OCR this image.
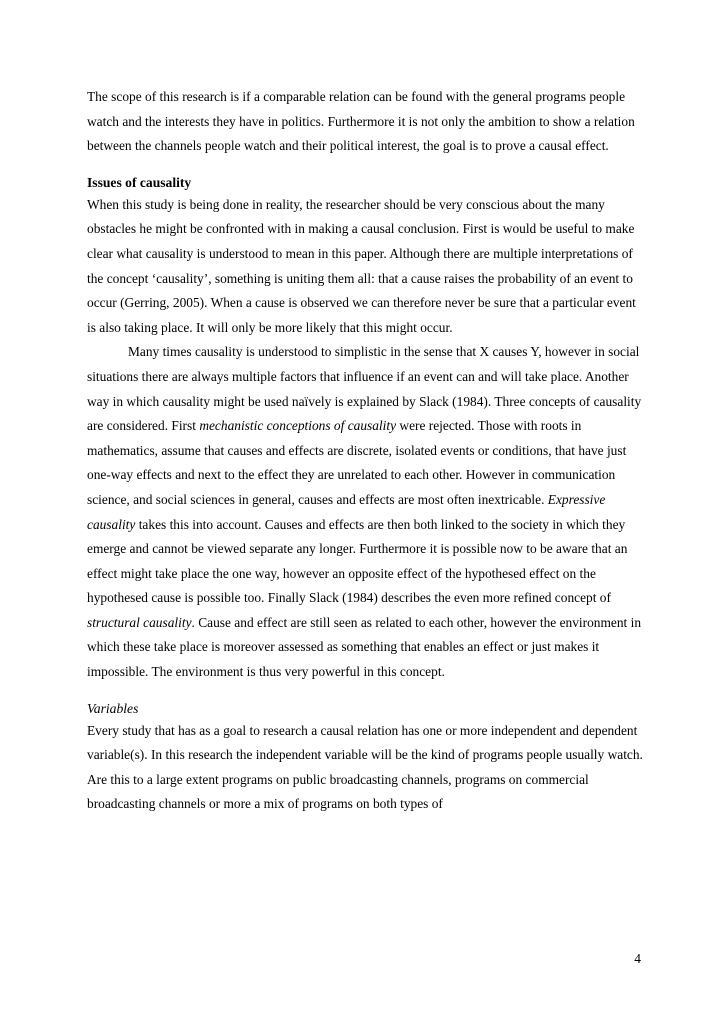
The scope of this research is if a comparable relation can be found with the general programs people watch and the interests they have in politics. Furthermore it is not only the ambition to show a relation between the channels people watch and their political interest, the goal is to prove a causal effect.

Issues of causality

When this study is being done in reality, the researcher should be very conscious about the many obstacles he might be confronted with in making a causal conclusion. First is would be useful to make clear what causality is understood to mean in this paper. Although there are multiple interpretations of the concept ‘causality’, something is uniting them all: that a cause raises the probability of an event to occur (Gerring, 2005). When a cause is observed we can therefore never be sure that a particular event is also taking place. It will only be more likely that this might occur.

Many times causality is understood to simplistic in the sense that X causes Y, however in social situations there are always multiple factors that influence if an event can and will take place. Another way in which causality might be used naïvely is explained by Slack (1984). Three concepts of causality are considered. First mechanistic conceptions of causality were rejected. Those with roots in mathematics, assume that causes and effects are discrete, isolated events or conditions, that have just one-way effects and next to the effect they are unrelated to each other. However in communication science, and social sciences in general, causes and effects are most often inextricable. Expressive causality takes this into account. Causes and effects are then both linked to the society in which they emerge and cannot be viewed separate any longer. Furthermore it is possible now to be aware that an effect might take place the one way, however an opposite effect of the hypothesed effect on the hypothesed cause is possible too. Finally Slack (1984) describes the even more refined concept of structural causality. Cause and effect are still seen as related to each other, however the environment in which these take place is moreover assessed as something that enables an effect or just makes it impossible. The environment is thus very powerful in this concept.

Variables

Every study that has as a goal to research a causal relation has one or more independent and dependent variable(s). In this research the independent variable will be the kind of programs people usually watch. Are this to a large extent programs on public broadcasting channels, programs on commercial broadcasting channels or more a mix of programs on both types of

4
